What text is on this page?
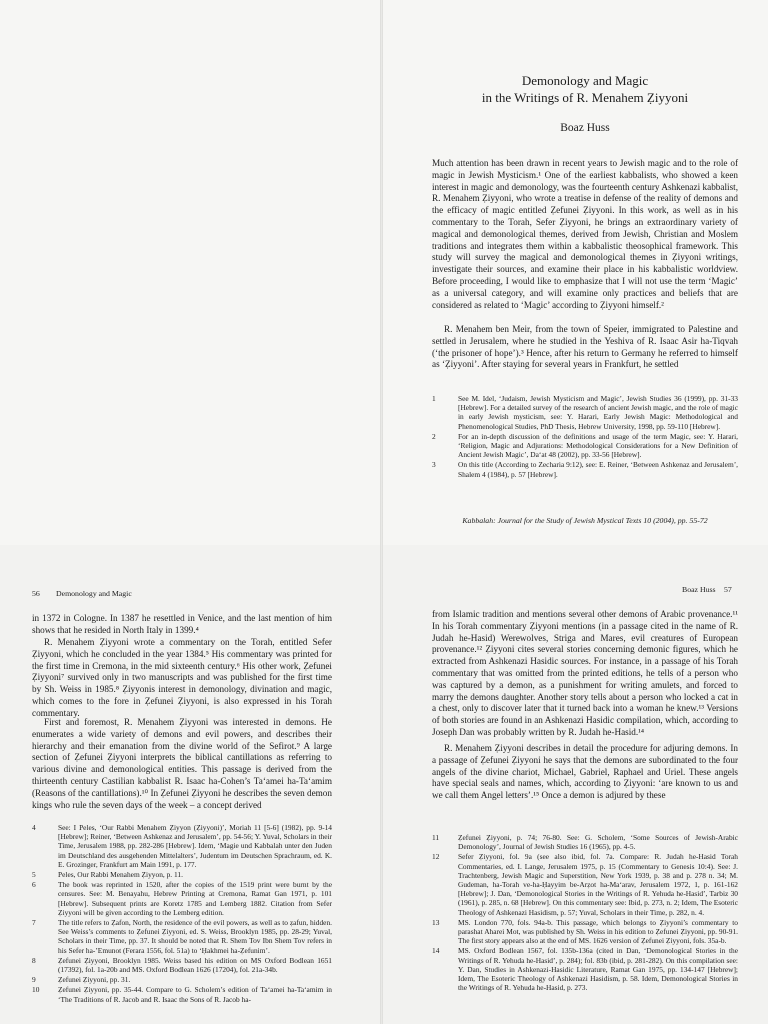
Demonology and Magic
in the Writings of R. Menahem Ẓiyyoni
Boaz Huss

Much attention has been drawn in recent years to Jewish magic and to the role of magic in Jewish Mysticism.¹ One of the earliest kabbalists, who showed a keen interest in magic and demonology, was the fourteenth century Ashkenazi kabbalist, R. Menahem Ẓiyyoni, who wrote a treatise in defense of the reality of demons and the efficacy of magic entitled Ẓefunei Ẓiyyoni. In this work, as well as in his commentary to the Torah, Sefer Ẓiyyoni, he brings an extraordinary variety of magical and demonological themes, derived from Jewish, Christian and Moslem traditions and integrates them within a kabbalistic theosophical framework. This study will survey the magical and demonological themes in Ẓiyyoni writings, investigate their sources, and examine their place in his kabbalistic worldview. Before proceeding, I would like to emphasize that I will not use the term ‘Magic’ as a universal category, and will examine only practices and beliefs that are considered as related to ‘Magic’ according to Ẓiyyoni himself.²

R. Menahem ben Meir, from the town of Speier, immigrated to Palestine and settled in Jerusalem, where he studied in the Yeshiva of R. Isaac Asir ha-Tiqvah (‘the prisoner of hope’).³ Hence, after his return to Germany he referred to himself as ‘Ẓiyyoni’. After staying for several years in Frankfurt, he settled

1	See M. Idel, ‘Judaism, Jewish Mysticism and Magic’, Jewish Studies 36 (1999), pp. 31-33 [Hebrew]. For a detailed survey of the research of ancient Jewish magic, and the role of magic in early Jewish mysticism, see: Y. Harari, Early Jewish Magic: Methodological and Phenomenological Studies, PhD Thesis, Hebrew University, 1998, pp. 59-110 [Hebrew].
2	For an in-depth discussion of the definitions and usage of the term Magic, see: Y. Harari, ‘Religion, Magic and Adjurations: Methodological Considerations for a New Definition of Ancient Jewish Magic’, Da‘at 48 (2002), pp. 33-56 [Hebrew].
3	On this title (According to Zecharia 9:12), see: E. Reiner, ‘Between Ashkenaz and Jerusalem’, Shalem 4 (1984), p. 57 [Hebrew].
Kabbalah: Journal for the Study of Jewish Mystical Texts 10 (2004), pp. 55-72
56 Demonology and Magic

in 1372 in Cologne. In 1387 he resettled in Venice, and the last mention of him shows that he resided in North Italy in 1399.⁴

R. Menahem Ẓiyyoni wrote a commentary on the Torah, entitled Sefer Ẓiyyoni, which he concluded in the year 1384.⁵ His commentary was printed for the first time in Cremona, in the mid sixteenth century.⁶ His other work, Ẓefunei Ẓiyyoni⁷ survived only in two manuscripts and was published for the first time by Sh. Weiss in 1985.⁸ Ẓiyyonis interest in demonology, divination and magic, which comes to the fore in Ẓefunei Ẓiyyoni, is also expressed in his Torah commentary.

First and foremost, R. Menahem Ẓiyyoni was interested in demons. He enumerates a wide variety of demons and evil powers, and describes their hierarchy and their emanation from the divine world of the Sefirot.⁹ A large section of Ẓefunei Ẓiyyoni interprets the biblical cantillations as referring to various divine and demonological entities. This passage is derived from the thirteenth century Castilian kabbalist R. Isaac ha-Cohen’s Ta‘amei ha-Ta‘amim (Reasons of the cantillations).¹⁰ In Ẓefunei Ẓiyyoni he describes the seven demon kings who rule the seven days of the week – a concept derived

4	See: I Peles, ‘Our Rabbi Menahem Ẓiyyon (Ẓiyyoni)’, Moriah 11 [5-6] (1982), pp. 9-14 [Hebrew]; Reiner, ‘Between Ashkenaz and Jerusalem’, pp. 54-56; Y. Yuval, Scholars in their Time, Jerusalem 1988, pp. 282-286 [Hebrew]. Idem, ‘Magie und Kabbalah unter den Juden im Deutschland des ausgehenden Mittelalters’, Judentum im Deutschen Sprachraum, ed. K. E. Grozinger, Frankfurt am Main 1991, p. 177.
5	Peles, Our Rabbi Menahem Ẓiyyon, p. 11.
6	The book was reprinted in 1520, after the copies of the 1519 print were burnt by the censures. See: M. Benayahu, Hebrew Printing at Cremona, Ramat Gan 1971, p. 101 [Hebrew]. Subsequent prints are Koretz 1785 and Lemberg 1882. Citation from Sefer Ẓiyyoni will be given according to the Lemberg edition.
7	The title refers to Ẓafon, North, the residence of the evil powers, as well as to ẓafun, hidden. See Weiss’s comments to Ẓefunei Ẓiyyoni, ed. S. Weiss, Brooklyn 1985, pp. 28-29; Yuval, Scholars in their Time, pp. 37. It should be noted that R. Shem Tov Ibn Shem Tov refers in his Sefer ha-’Emunot (Ferara 1556, fol. 51a) to ‘Ḥakhmei ha-Ẓefunim’.
8	Ẓefunei Ẓiyyoni, Brooklyn 1985. Weiss based his edition on MS Oxford Bodlean 1651 (17392), fol. 1a-20b and MS. Oxford Bodlean 1626 (17204), fol. 21a-34b.
9	Ẓefunei Ẓiyyoni, pp. 31.
10	Ẓefunei Ẓiyyoni, pp. 35-44. Compare to G. Scholem’s edition of Ta‘amei ha-Ta‘amim in ‘The Traditions of R. Jacob and R. Isaac the Sons of R. Jacob ha-
Boaz Huss 57

from Islamic tradition and mentions several other demons of Arabic provenance.¹¹ In his Torah commentary Ẓiyyoni mentions (in a passage cited in the name of R. Judah he-Hasid) Werewolves, Striga and Mares, evil creatures of European provenance.¹² Ẓiyyoni cites several stories concerning demonic figures, which he extracted from Ashkenazi Hasidic sources. For instance, in a passage of his Torah commentary that was omitted from the printed editions, he tells of a person who was captured by a demon, as a punishment for writing amulets, and forced to marry the demons daughter. Another story tells about a person who locked a cat in a chest, only to discover later that it turned back into a woman he knew.¹³ Versions of both stories are found in an Ashkenazi Hasidic compilation, which, according to Joseph Dan was probably written by R. Judah he-Hasid.¹⁴

R. Menahem Ẓiyyoni describes in detail the procedure for adjuring demons. In a passage of Ẓefunei Ẓiyyoni he says that the demons are subordinated to the four angels of the divine chariot, Michael, Gabriel, Raphael and Uriel. These angels have special seals and names, which, according to Ẓiyyoni: ‘are known to us and we call them Angel letters’.¹⁵ Once a demon is adjured by these

11	Ẓefunei Ẓiyyoni, p. 74; 76-80. See: G. Scholem, ‘Some Sources of Jewish-Arabic Demonology’, Journal of Jewish Studies 16 (1965), pp. 4-5.
12	Sefer Ẓiyyoni, fol. 9a (see also ibid, fol. 7a. Compare: R. Judah he-Hasid Torah Commentaries, ed. I. Lange, Jerusalem 1975, p. 15 (Commentary to Genesis 10:4). See: J. Trachtenberg, Jewish Magic and Superstition, New York 1939, p. 38 and p. 278 n. 34; M. Gudeman, ha-Torah ve-ha-Ḥayyim be-Arẓot ha-Ma‘arav, Jerusalem 1972, 1, p. 161-162 [Hebrew]; J. Dan, ‘Demonological Stories in the Writings of R. Yehuda he-Hasid’, Tarbiz 30 (1961), p. 285, n. 68 [Hebrew]. On this commentary see: Ibid, p. 273, n. 2; Idem, The Esoteric Theology of Ashkenazi Hasidism, p. 57; Yuval, Scholars in their Time, p. 282, n. 4.
13	MS. London 770, fols. 94a-b. This passage, which belongs to Ẓiyyoni’s commentary to parashat Aharei Mot, was published by Sh. Weiss in his edition to Ẓefunei Ẓiyyoni, pp. 90-91. The first story appears also at the end of MS. 1626 version of Ẓefunei Ẓiyyoni, fols. 35a-b.
14	MS. Oxford Bodlean 1567, fol. 135b-136a (cited in Dan, ‘Demonological Stories in the Writings of R. Yehuda he-Hasid’, p. 284); fol. 83b (ibid, p. 281-282). On this compilation see: Y. Dan, Studies in Ashkenazi-Hasidic Literature, Ramat Gan 1975, pp. 134-147 [Hebrew]; Idem, The Esoteric Theology of Ashkenazi Hasidism, p. 58. Idem, Demonological Stories in the Writings of R. Yehuda he-Hasid, p. 273.
